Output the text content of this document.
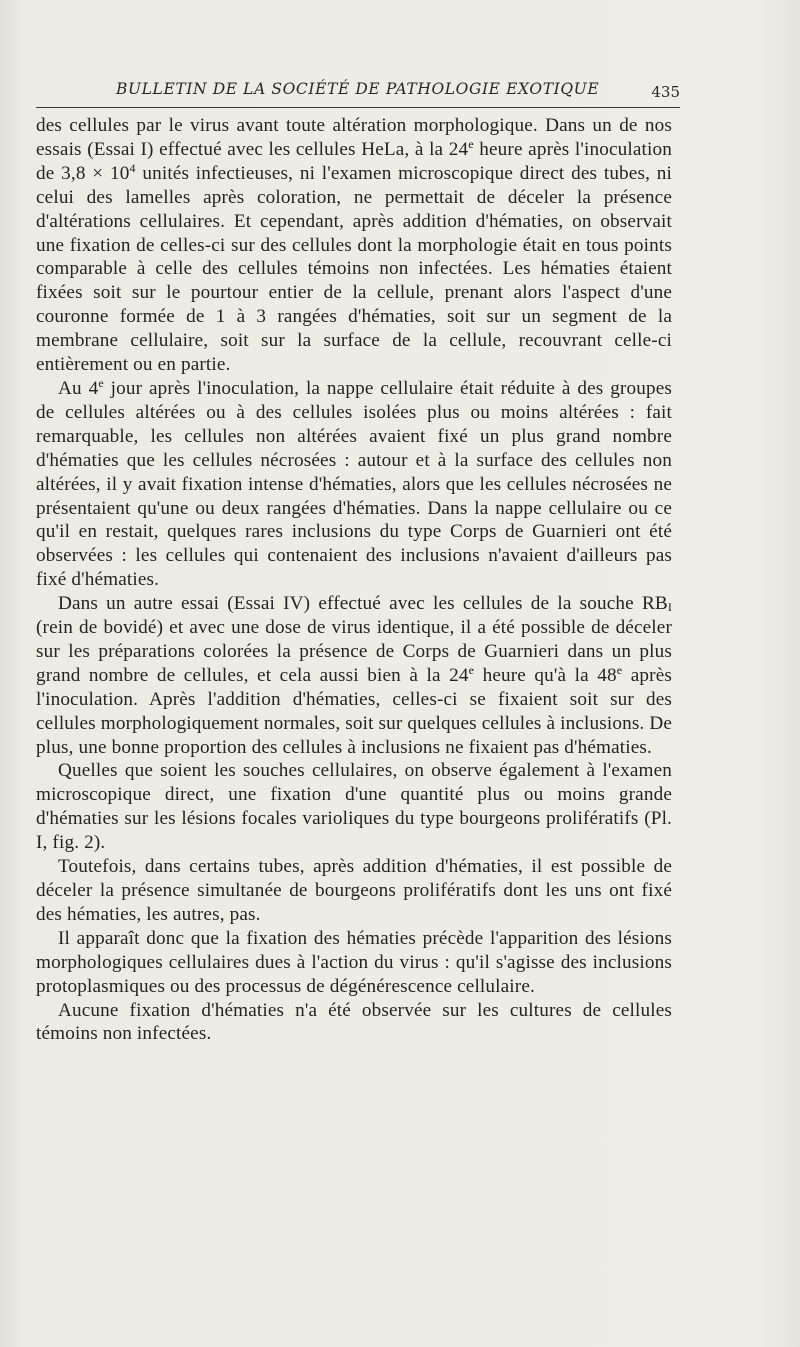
BULLETIN DE LA SOCIÉTÉ DE PATHOLOGIE EXOTIQUE	435

des cellules par le virus avant toute altération morphologique. Dans un de nos essais (Essai I) effectué avec les cellules HeLa, à la 24e heure après l'inoculation de $3,8 \times 10^4$ unités infectieuses, ni l'examen microscopique direct des tubes, ni celui des lamelles après coloration, ne permettait de déceler la présence d'altérations cellulaires. Et cependant, après addition d'hématies, on observait une fixation de celles-ci sur des cellules dont la morphologie était en tous points comparable à celle des cellules témoins non infectées. Les hématies étaient fixées soit sur le pourtour entier de la cellule, prenant alors l'aspect d'une couronne formée de 1 à 3 rangées d'hématies, soit sur un segment de la membrane cellulaire, soit sur la surface de la cellule, recouvrant celle-ci entièrement ou en partie.

Au 4e jour après l'inoculation, la nappe cellulaire était réduite à des groupes de cellules altérées ou à des cellules isolées plus ou moins altérées : fait remarquable, les cellules non altérées avaient fixé un plus grand nombre d'hématies que les cellules nécrosées : autour et à la surface des cellules non altérées, il y avait fixation intense d'hématies, alors que les cellules nécrosées ne présentaient qu'une ou deux rangées d'hématies. Dans la nappe cellulaire ou ce qu'il en restait, quelques rares inclusions du type Corps de Guarnieri ont été observées : les cellules qui contenaient des inclusions n'avaient d'ailleurs pas fixé d'hématies.

Dans un autre essai (Essai IV) effectué avec les cellules de la souche $RB_I$ (rein de bovidé) et avec une dose de virus identique, il a été possible de déceler sur les préparations colorées la présence de Corps de Guarnieri dans un plus grand nombre de cellules, et cela aussi bien à la 24e heure qu'à la 48e après l'inoculation. Après l'addition d'hématies, celles-ci se fixaient soit sur des cellules morphologiquement normales, soit sur quelques cellules à inclusions. De plus, une bonne proportion des cellules à inclusions ne fixaient pas d'hématies.

Quelles que soient les souches cellulaires, on observe également à l'examen microscopique direct, une fixation d'une quantité plus ou moins grande d'hématies sur les lésions focales varioliques du type bourgeons prolifératifs (Pl. I, fig. 2).

Toutefois, dans certains tubes, après addition d'hématies, il est possible de déceler la présence simultanée de bourgeons prolifératifs dont les uns ont fixé des hématies, les autres, pas.

Il apparaît donc que la fixation des hématies précède l'apparition des lésions morphologiques cellulaires dues à l'action du virus : qu'il s'agisse des inclusions protoplasmiques ou des processus de dégénérescence cellulaire.

Aucune fixation d'hématies n'a été observée sur les cultures de cellules témoins non infectées.
